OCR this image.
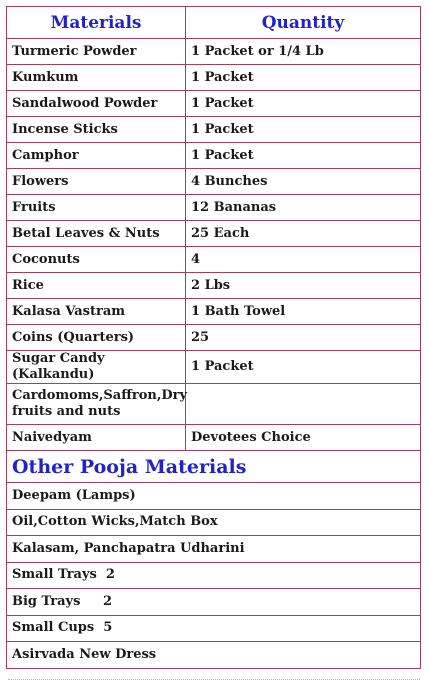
Materials	Quantity
Turmeric Powder	1 Packet or 1/4 Lb
Kumkum	1 Packet
Sandalwood Powder	1 Packet
Incense Sticks	1 Packet
Camphor	1 Packet
Flowers	4 Bunches
Fruits	12 Bananas
Betal Leaves & Nuts	25 Each
Coconuts	4
Rice	2 Lbs
Kalasa Vastram	1 Bath Towel
Coins (Quarters)	25
Sugar Candy (Kalkandu)	1 Packet
Cardomoms,Saffron,Dry fruits and nuts	
Naivedyam	Devotees Choice
Other Pooja Materials	
Deepam (Lamps)	
Oil,Cotton Wicks,Match Box	
Kalasam, Panchapatra Udharini	
Small Trays  2	
Big Trays     2	
Small Cups  5	
Asirvada New Dress	
